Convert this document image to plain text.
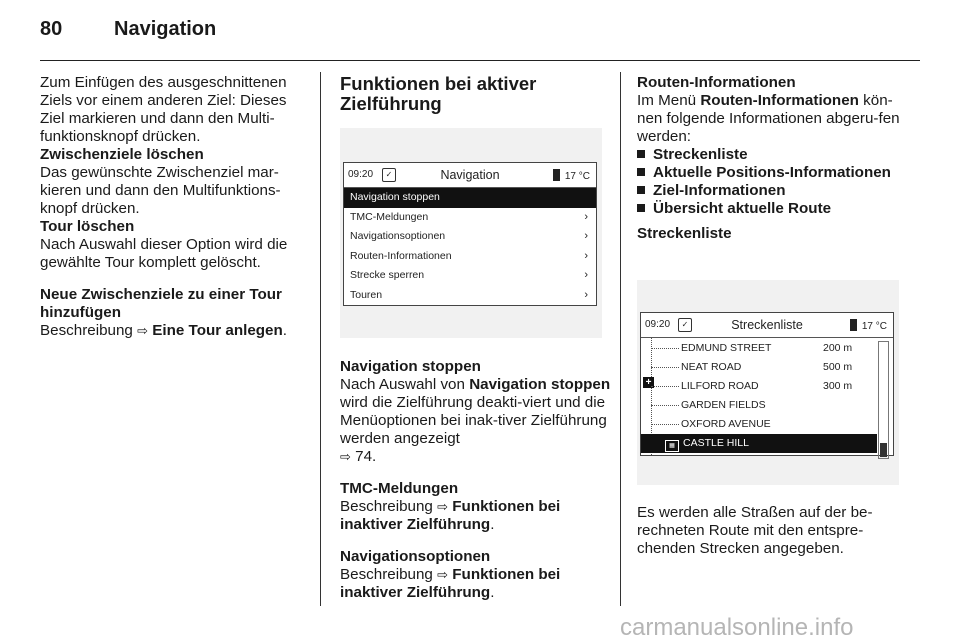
80	Navigation

Zum Einfügen des ausgeschnittenen Ziels vor einem anderen Ziel: Dieses Ziel markieren und dann den Multi-funktionsknopf drücken.

Zwischenziele löschen

Das gewünschte Zwischenziel mar-kieren und dann den Multifunktions-knopf drücken.

Tour löschen

Nach Auswahl dieser Option wird die gewählte Tour komplett gelöscht.

Neue Zwischenziele zu einer Tour hinzufügen

Beschreibung ⇨ Eine Tour anlegen.

Funktionen bei aktiver Zielführung
09:20	✓	Navigation	17 °C
Navigation stoppen
TMC-Meldungen	›
Navigationsoptionen	›
Routen-Informationen	›
Strecke sperren	›
Touren	›

Navigation stoppen

Nach Auswahl von Navigation stoppen wird die Zielführung deakti-viert und die Menüoptionen bei inak-tiver Zielführung werden angezeigt
⇨ 74.

TMC-Meldungen

Beschreibung ⇨ Funktionen bei inaktiver Zielführung.

Navigationsoptionen

Beschreibung ⇨ Funktionen bei inaktiver Zielführung.

Routen-Informationen

Im Menü Routen-Informationen kön-nen folgende Informationen abgeru-fen werden:

Streckenliste

Aktuelle Positions-Informationen

Ziel-Informationen

Übersicht aktuelle Route

Streckenliste

09:20	✓	Streckenliste	17 °C
+
EDMUND STREET	200 m
NEAT ROAD	500 m
LILFORD ROAD	300 m
GARDEN FIELDS
OXFORD AVENUE
▦ CASTLE HILL

Es werden alle Straßen auf der be-rechneten Route mit den entspre-chenden Strecken angegeben.

carmanualsonline.info
